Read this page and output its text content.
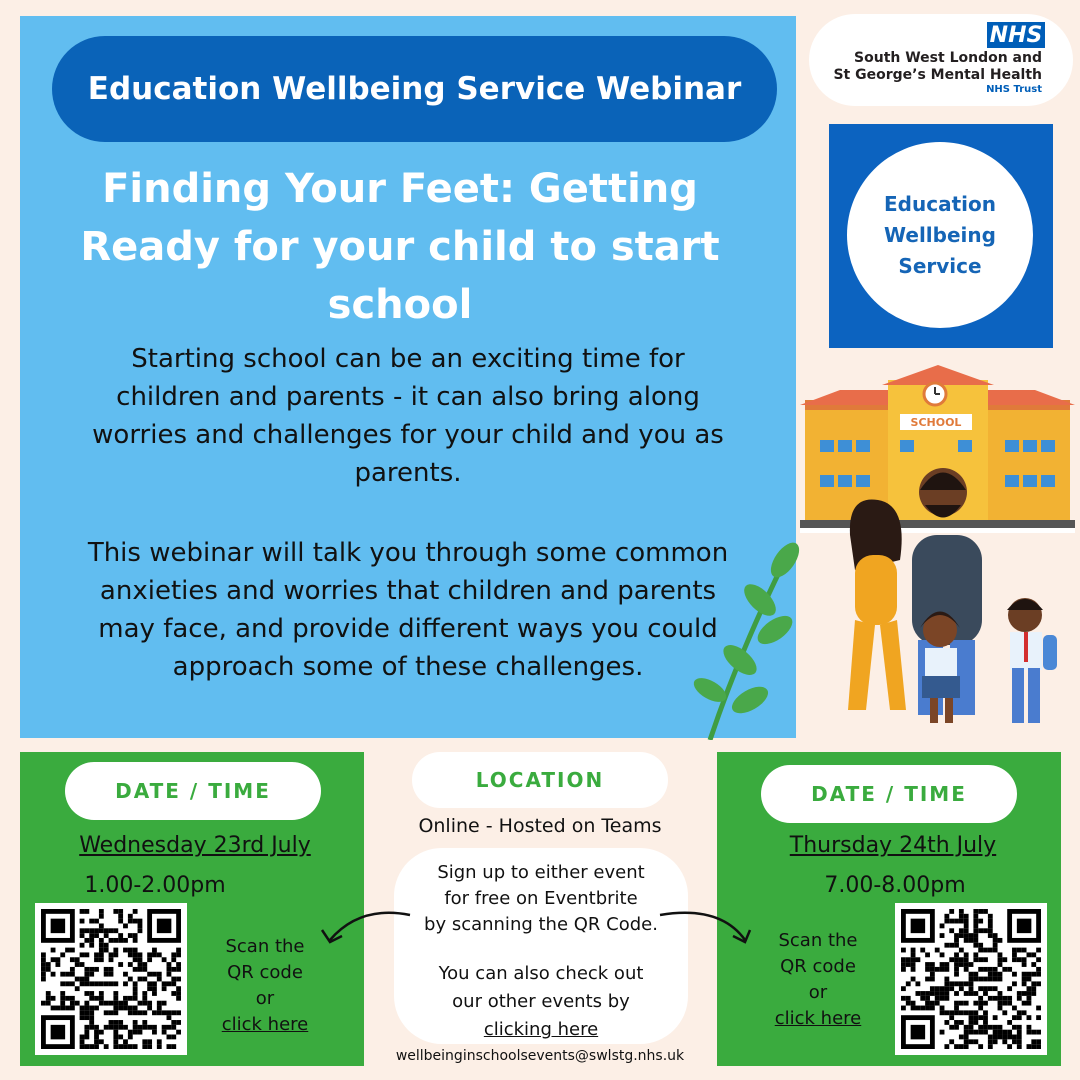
Education Wellbeing Service Webinar
Finding Your Feet: Getting
Ready for your child to start
school
Starting school can be an exciting time for
children and parents - it can also bring along
worries and challenges for your child and you as
parents.
This webinar will talk you through some common
anxieties and worries that children and parents
may face, and provide different ways you could
approach some of these challenges.
NHS
South West London and
St George’s Mental Health
NHS Trust
Education
Wellbeing
Service
SCHOOL
DATE / TIME
Wednesday 23rd July
1.00-2.00pm
Scan the
QR code
or
click here
DATE / TIME
Thursday 24th July
7.00-8.00pm
Scan the
QR code
or
click here
LOCATION
Online - Hosted on Teams
Sign up to either event
for free on Eventbrite
by scanning the QR Code.
You can also check out
our other events by
clicking here
wellbeinginschoolsevents@swlstg.nhs.uk
